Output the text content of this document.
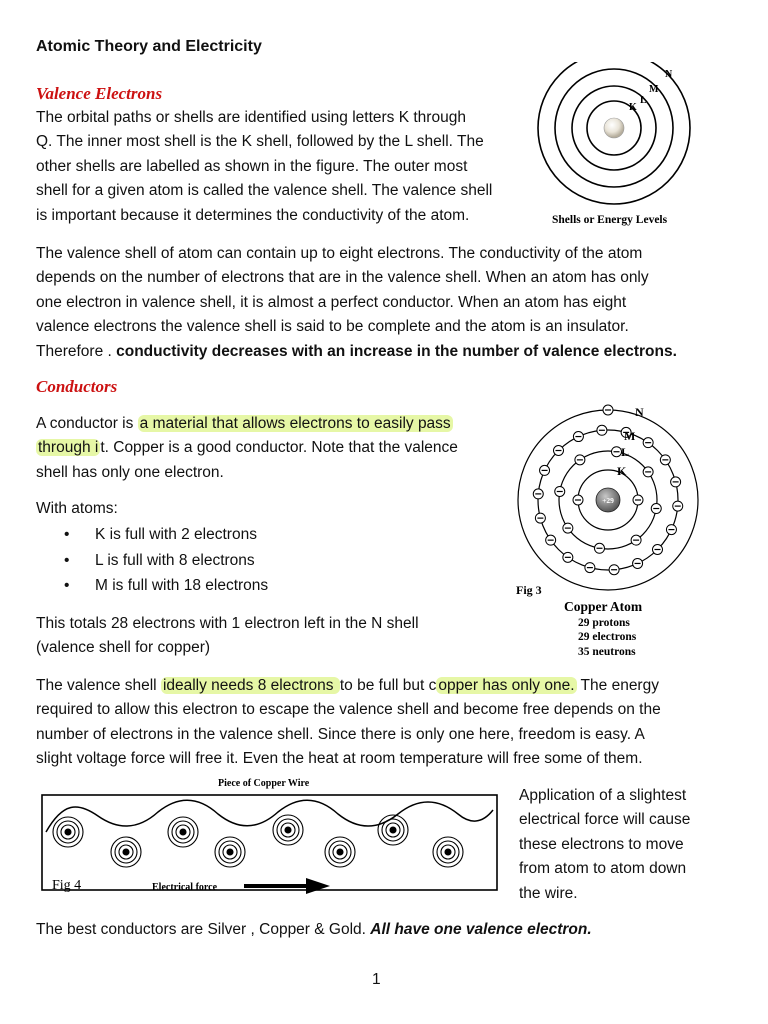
Atomic Theory and Electricity
Valence Electrons
The orbital paths or shells are identified using letters K through
Q. The inner most shell is the K shell, followed by the L shell. The
other shells are labelled as shown in the figure. The outer most
shell for a given atom is called the valence shell. The valence shell
is important because it determines the conductivity of the atom.
K
L
M
N
Shells or Energy Levels
The valence shell of atom can contain up to eight electrons. The conductivity of the atom
depends on the number of electrons that are in the valence shell. When an atom has only
one electron in valence shell, it is almost a perfect conductor. When an atom has eight
valence electrons the valence shell is said to be complete and the atom is an insulator.
Therefore . conductivity decreases with an increase in the number of valence electrons.
Conductors
A conductor is a material that allows electrons to easily pass
through i t. Copper is a good conductor. Note that the valence
shell has only one electron.
With atoms:
• K is full with 2 electrons
• L is full with 8 electrons
• M is full with 18 electrons
This totals 28 electrons with 1 electron left in the N shell
(valence shell for copper)
+29
K
L
M
N
Fig 3
Copper Atom
29 protons
29 electrons
35 neutrons
The valence shell ideally needs 8 electrons to be full but c opper has only one. The energy
required to allow this electron to escape the valence shell and become free depends on the
number of electrons in the valence shell. Since there is only one here, freedom is easy. A
slight voltage force will free it. Even the heat at room temperature will free some of them.
Piece of Copper Wire
Fig 4	Electrical force
Application of a slightest
electrical force will cause
these electrons to move
from atom to atom down
the wire.
The best conductors are Silver , Copper & Gold. All have one valence electron.
1
